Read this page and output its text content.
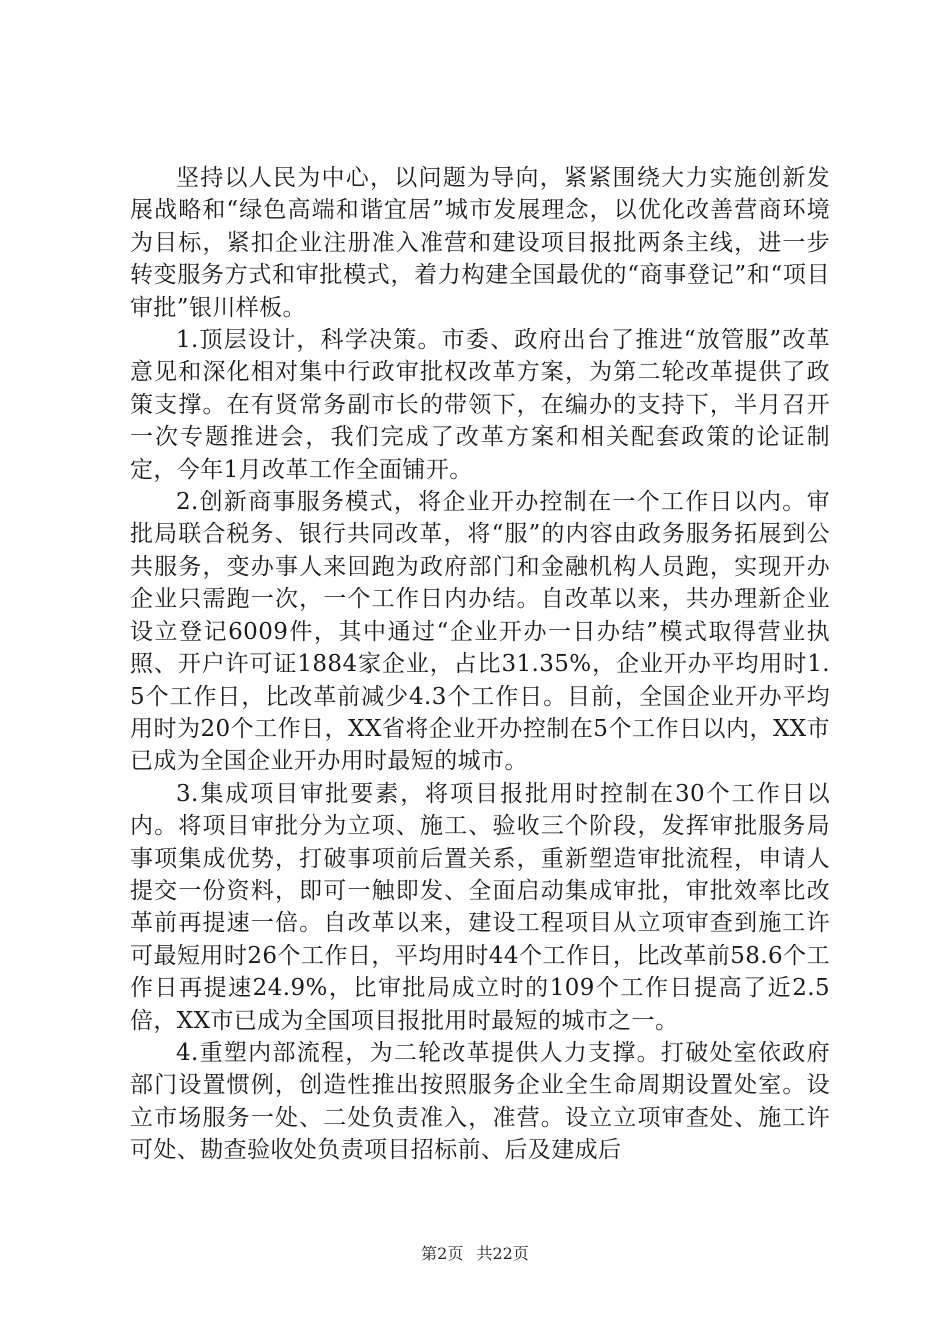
坚持以人民为中心，以问题为导向，紧紧围绕大力实施创新发展战略和“绿色高端和谐宜居”城市发展理念，以优化改善营商环境为目标，紧扣企业注册准入准营和建设项目报批两条主线，进一步转变服务方式和审批模式，着力构建全国最优的“商事登记”和“项目审批”银川样板。

1.顶层设计，科学决策。市委、政府出台了推进“放管服”改革意见和深化相对集中行政审批权改革方案，为第二轮改革提供了政策支撑。在有贤常务副市长的带领下，在编办的支持下，半月召开一次专题推进会，我们完成了改革方案和相关配套政策的论证制定，今年1月改革工作全面铺开。

2.创新商事服务模式，将企业开办控制在一个工作日以内。审批局联合税务、银行共同改革，将“服”的内容由政务服务拓展到公共服务，变办事人来回跑为政府部门和金融机构人员跑，实现开办企业只需跑一次，一个工作日内办结。自改革以来，共办理新企业设立登记6009件，其中通过“企业开办一日办结”模式取得营业执照、开户许可证1884家企业，占比31.35%，企业开办平均用时1.5个工作日，比改革前减少4.3个工作日。目前，全国企业开办平均用时为20个工作日，XX省将企业开办控制在5个工作日以内，XX市已成为全国企业开办用时最短的城市。

3.集成项目审批要素，将项目报批用时控制在30个工作日以内。将项目审批分为立项、施工、验收三个阶段，发挥审批服务局事项集成优势，打破事项前后置关系，重新塑造审批流程，申请人提交一份资料，即可一触即发、全面启动集成审批，审批效率比改革前再提速一倍。自改革以来，建设工程项目从立项审查到施工许可最短用时26个工作日，平均用时44个工作日，比改革前58.6个工作日再提速24.9%，比审批局成立时的109个工作日提高了近2.5倍，XX市已成为全国项目报批用时最短的城市之一。

4.重塑内部流程，为二轮改革提供人力支撑。打破处室依政府部门设置惯例，创造性推出按照服务企业全生命周期设置处室。设立市场服务一处、二处负责准入，准营。设立立项审查处、施工许可处、勘查验收处负责项目招标前、后及建成后

第2页 共22页
